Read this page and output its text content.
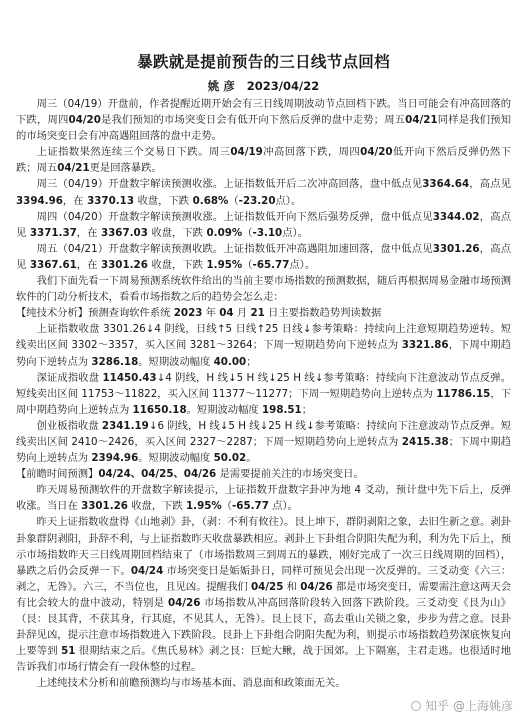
暴跌就是提前预告的三日线节点回档
姚 彦 2023/04/22

周三（04/19）开盘前，作者提醒近期开始会有三日线周期波动节点回档下跌。当日可能会有冲高回落的下跌，周四04/20是我们预知的市场突变日会有低开向下然后反弹的盘中走势；周五04/21同样是我们预知的市场突变日会有冲高遇阻回落的盘中走势。

上证指数果然连续三个交易日下跌。周三04/19冲高回落下跌，周四04/20低开向下然后反弹仍然下跌；周五04/21更是回落暴跌。

周三（04/19）开盘数字解读预测收涨。上证指数低开后二次冲高回落，盘中低点见3364.64，高点见 3394.96，在 3370.13 收盘，下跌 0.68%（-23.20点）。

周四（04/20）开盘数字解读预测收涨。上证指数低开向下然后强势反弹，盘中低点见3344.02，高点见 3371.37，在 3367.03 收盘，下跌 0.09%（-3.10点）。

周五（04/21）开盘数字解读预测收跌。上证指数低开冲高遇阻加速回落，盘中低点见3301.26，高点见 3367.61，在 3301.26 收盘，下跌 1.95%（-65.77点）。

我们下面先看一下周易预测系统软件给出的当前主要市场指数的预测数据，随后再根据周易金融市场预测软件的门动分析技术，看看市场指数之后的趋势会怎么走：

【纯技术分析】预测查询软件系统 2023 年 04 月 21 日主要指数趋势判读数据

上证指数收盘 3301.26↓4 阴线，日线↑5 日线↑25 日线↓参考策略：持续向上注意短期趋势逆转。短线卖出区间 3302～3357，买入区间 3281～3264；下周一短期趋势向下逆转点为 3321.86，下周中期趋势向下逆转点为 3286.18。短期波动幅度 40.00；

深证成指收盘 11450.43↓4 阴线，H 线↓5 H 线↓25 H 线↓参考策略：持续向下注意波动节点反弹。短线卖出区间 11753～11822，买入区间 11377～11277；下周一短期趋势向上逆转点为 11786.15，下周中期趋势向上逆转点为 11650.18。短期波动幅度 198.51；

创业板指收盘 2341.19↓6 阴线，H 线↓5 H 线↓25 H 线↓参考策略：持续向下注意波动节点反弹。短线卖出区间 2410～2426，买入区间 2327～2287；下周一短期趋势向上逆转点为 2415.38；下周中期趋势向上逆转点为 2394.96。短期波动幅度 50.02。

【前瞻时间预测】04/24、04/25、04/26 是需要提前关注的市场突变日。

昨天周易预测软件的开盘数字解读提示，上证指数开盘数字卦冲为地 4 爻动，预计盘中先下后上，反弹收涨。当日在 3301.26 收盘，下跌 1.95%（-65.77 点）。

昨天上证指数收盘得《山地剥》卦，（剥：不利有攸往）。艮上坤下，群阴剥阳之象，去旧生新之意。剥卦卦象群阴剥阳，卦辞不利，与上证指数昨天收盘暴跌相应。剥卦上下卦组合阴阳失配为利，利为先下后上，预示市场指数昨天三日线周期回档结束了（市场指数周三到周五的暴跌，刚好完成了一次三日线周期的回档），暴跌之后仍会反弹一下。04/24 市场突变日是姤姤卦日，同样可预见会出现一次反弹的。三爻动变《六三：剥之，无咎》。六三，不当位也，且见凶。提醒我们 04/25 和 04/26 都是市场突变日，需要需注意这两天会有比会较大的盘中波动，特别是 04/26 市场指数从冲高回落阶段转入回落下跌阶段。三爻动变《艮为山》（艮：艮其背，不获其身，行其庭，不见其人，无咎）。艮上艮下，高去重山关锁之象，步步为营之意。艮卦卦辞见凶，提示注意市场指数进入下跌阶段。艮卦上下卦组合阴阳失配为利，则提示市场指数趋势深底恢复向上要等到 51 很期结束之后。《焦氏易林》剥之艮：巨蛇大鳅，战于国郊。上下隔塞，主君走逃。也很适时地告诉我们市场行情会有一段休整的过程。

上述纯技术分析和前瞻预测均与市场基本面、消息面和政策面无关。

知乎 @上海姚彦
